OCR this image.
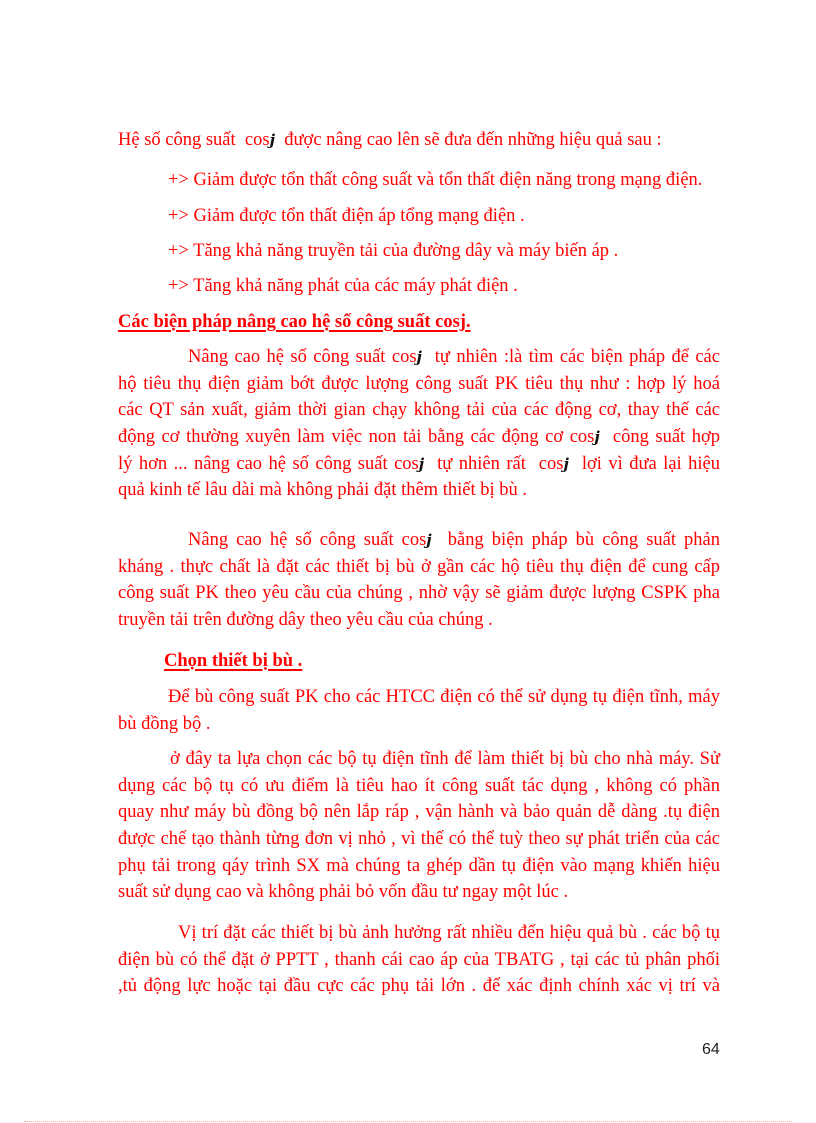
Hệ số công suất  cosj  được nâng cao lên sẽ đưa đến những hiệu quả sau :
+> Giảm được tổn thất công suất và tổn thất điện năng trong mạng điện.
+> Giảm được tổn thất điện áp tổng mạng điện .
+> Tăng khả năng truyền tải của đường dây và máy biến áp .
+> Tăng khả năng phát của các máy phát điện .
Các biện pháp nâng cao hệ số công suất cosj.
Nâng cao hệ số công suất cosj  tự nhiên :là tìm các biện pháp để các
hộ tiêu thụ điện giảm bớt được lượng công suất PK tiêu thụ như : hợp lý hoá
các QT sản xuất, giảm thời gian chạy không tải của các động cơ, thay thế các
động cơ thường xuyên làm việc non tải bằng các động cơ cosj  công suất hợp
lý hơn ... nâng cao hệ số công suất cosj  tự nhiên rất  cosj  lợi vì đưa lại hiệu
quả kinh tế lâu dài mà không phải đặt thêm thiết bị bù .
Nâng cao hệ số công suất cosj  bằng biện pháp bù công suất phản
kháng . thực chất là đặt các thiết bị bù ở gần các hộ tiêu thụ điện để cung cấp
công suất PK theo yêu cầu của chúng , nhờ vậy sẽ giảm được lượng CSPK pha
truyền tải trên đường dây theo yêu cầu của chúng .
Chọn thiết bị bù .
Để bù công suất PK cho các HTCC điện có thể sử dụng tụ điện tĩnh, máy
bù đồng bộ .
ở đây ta lựa chọn các bộ tụ điện tĩnh để làm thiết bị bù cho nhà máy. Sử
dụng các bộ tụ có ưu điểm là tiêu hao ít công suất tác dụng , không có phần
quay như máy bù đồng bộ nên lắp ráp , vận hành và bảo quản dễ dàng .tụ điện
được chế tạo thành từng đơn vị nhỏ , vì thế có thể tuỳ theo sự phát triển của các
phụ tải trong qáy trình SX mà chúng ta ghép dần tụ điện vào mạng khiến hiệu
suất sử dụng cao và không phải bỏ vốn đầu tư ngay một lúc .
Vị trí đặt các thiết bị bù ảnh hưởng rất nhiều đến hiệu quả bù . các bộ tụ
điện bù có thể đặt ở PPTT , thanh cái cao áp của TBATG , tại các tủ phân phối
,tủ động lực hoặc tại đầu cực các phụ tải lớn . để xác định chính xác vị trí và
64
